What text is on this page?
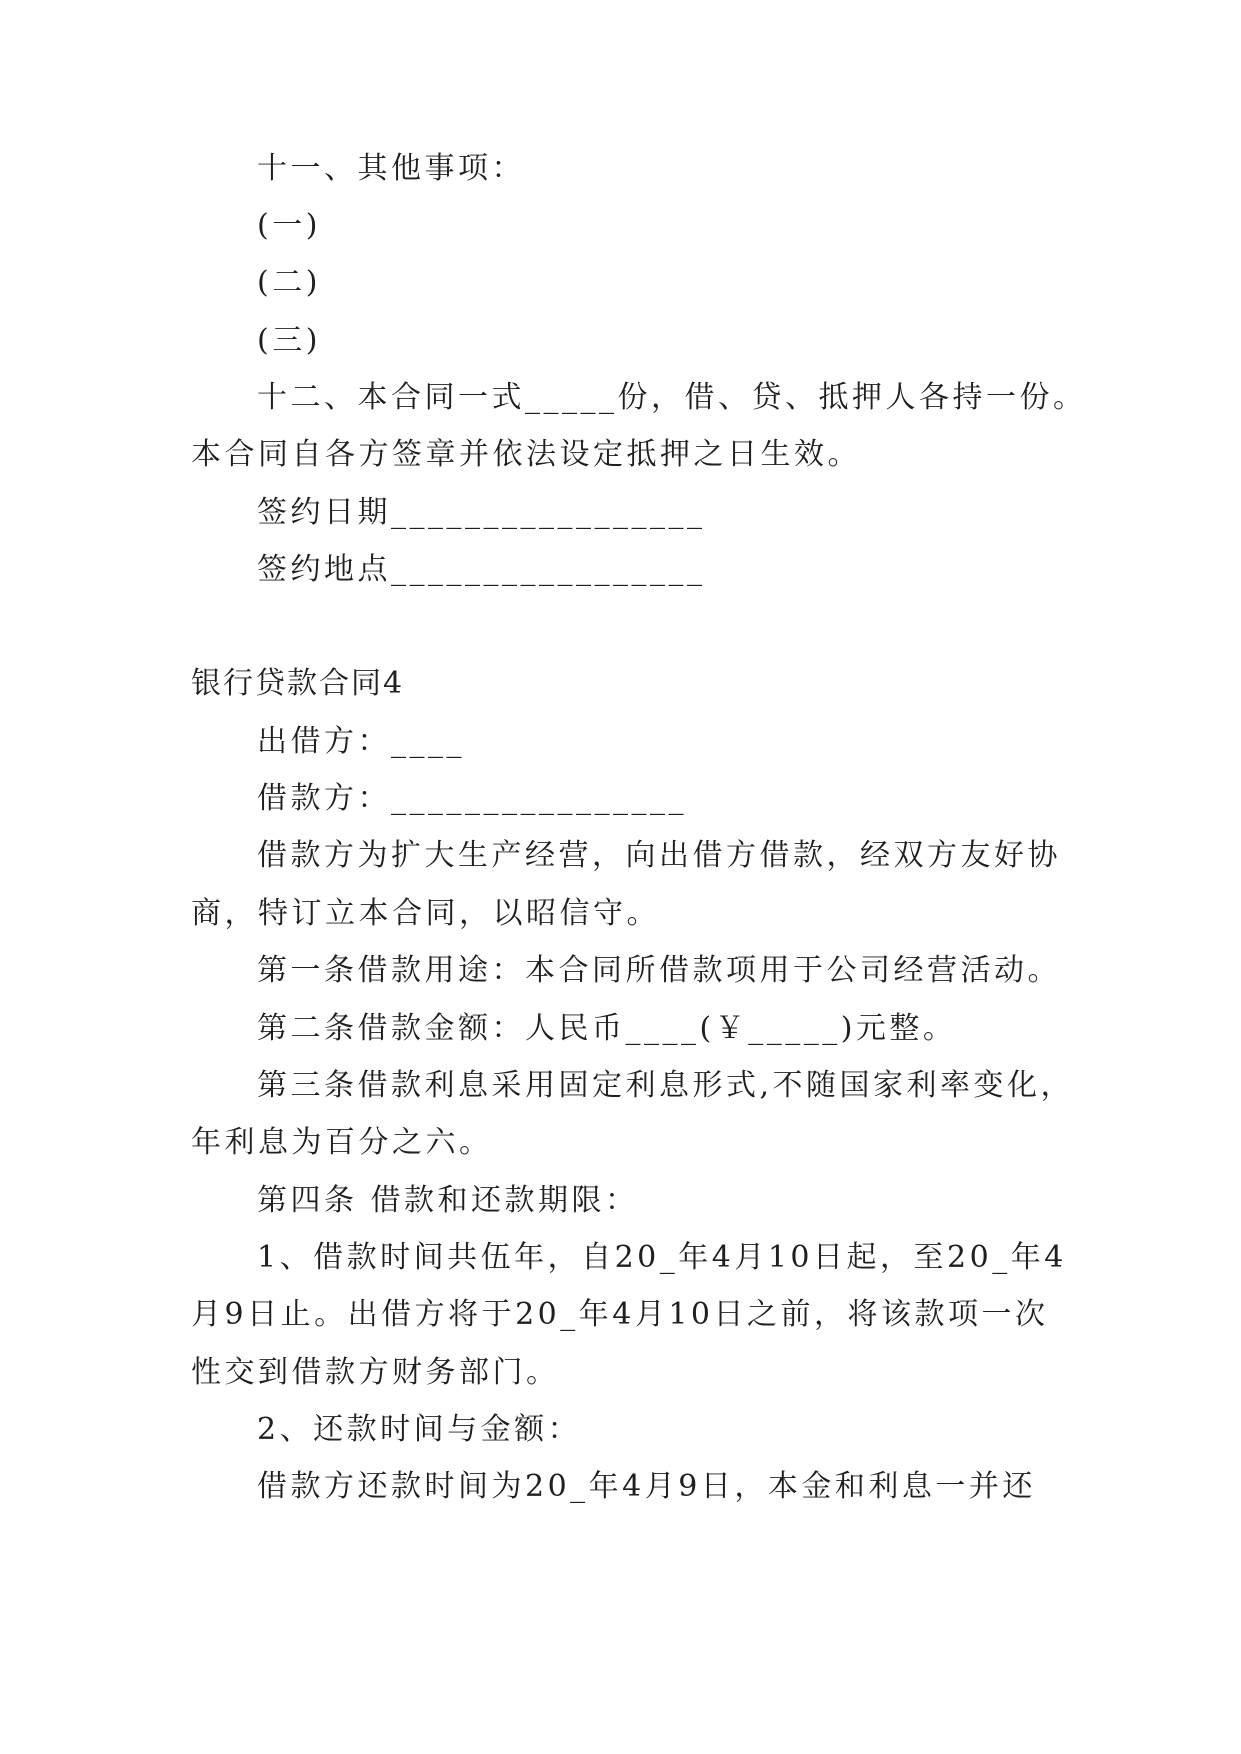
十一、其他事项：
(一)
(二)
(三)
十二、本合同一式_____份，借、贷、抵押人各持一份。
本合同自各方签章并依法设定抵押之日生效。
签约日期_________________
签约地点_________________
银行贷款合同4
出借方：____
借款方：________________
借款方为扩大生产经营，向出借方借款，经双方友好协
商，特订立本合同，以昭信守。
第一条借款用途：本合同所借款项用于公司经营活动。
第二条借款金额：人民币____(￥_____)元整。
第三条借款利息采用固定利息形式,不随国家利率变化，
年利息为百分之六。
第四条 借款和还款期限：
1、借款时间共伍年，自20_年4月10日起，至20_年4
月9日止。出借方将于20_年4月10日之前，将该款项一次
性交到借款方财务部门。
2、还款时间与金额：
借款方还款时间为20_年4月9日，本金和利息一并还
